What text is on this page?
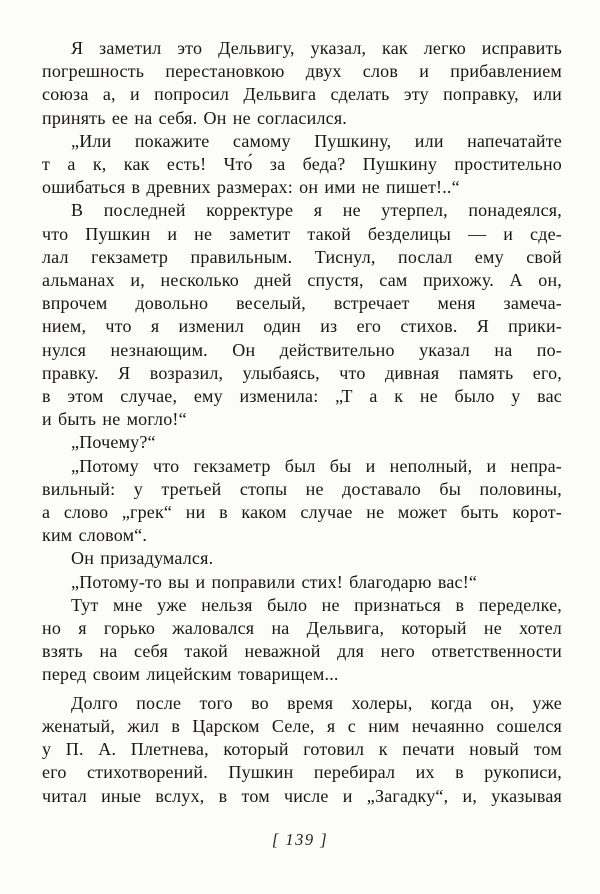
Я заметил это Дельвигу, указал, как легко исправить
погрешность перестановкою двух слов и прибавлением
союза а, и попросил Дельвига сделать эту поправку, или
принять ее на себя. Он не согласился.
„Или покажите самому Пушкину, или напечатайте
т а к, как есть! Что́ за беда? Пушкину простительно
ошибаться в древних размерах: он ими не пишет!..“
В последней корректуре я не утерпел, понадеялся,
что Пушкин и не заметит такой безделицы — и сде-
лал гекзаметр правильным. Тиснул, послал ему свой
альманах и, несколько дней спустя, сам прихожу. А он,
впрочем довольно веселый, встречает меня замеча-
нием, что я изменил один из его стихов. Я прики-
нулся незнающим. Он действительно указал на по-
правку. Я возразил, улыбаясь, что дивная память его,
в этом случае, ему изменила: „Т а к не было у вас
и быть не могло!“
„Почему?“
„Потому что гекзаметр был бы и неполный, и непра-
вильный: у третьей стопы не доставало бы половины,
а слово „грек“ ни в каком случае не может быть корот-
ким словом“.
Он призадумался.
„Потому-то вы и поправили стих! благодарю вас!“
Тут мне уже нельзя было не признаться в переделке,
но я горько жаловался на Дельвига, который не хотел
взять на себя такой неважной для него ответственности
перед своим лицейским товарищем...
Долго после того во время холеры, когда он, уже
женатый, жил в Царском Селе, я с ним нечаянно сошелся
у П. А. Плетнева, который готовил к печати новый том
его стихотворений. Пушкин перебирал их в рукописи,
читал иные вслух, в том числе и „Загадку“, и, указывая
[ 139 ]
